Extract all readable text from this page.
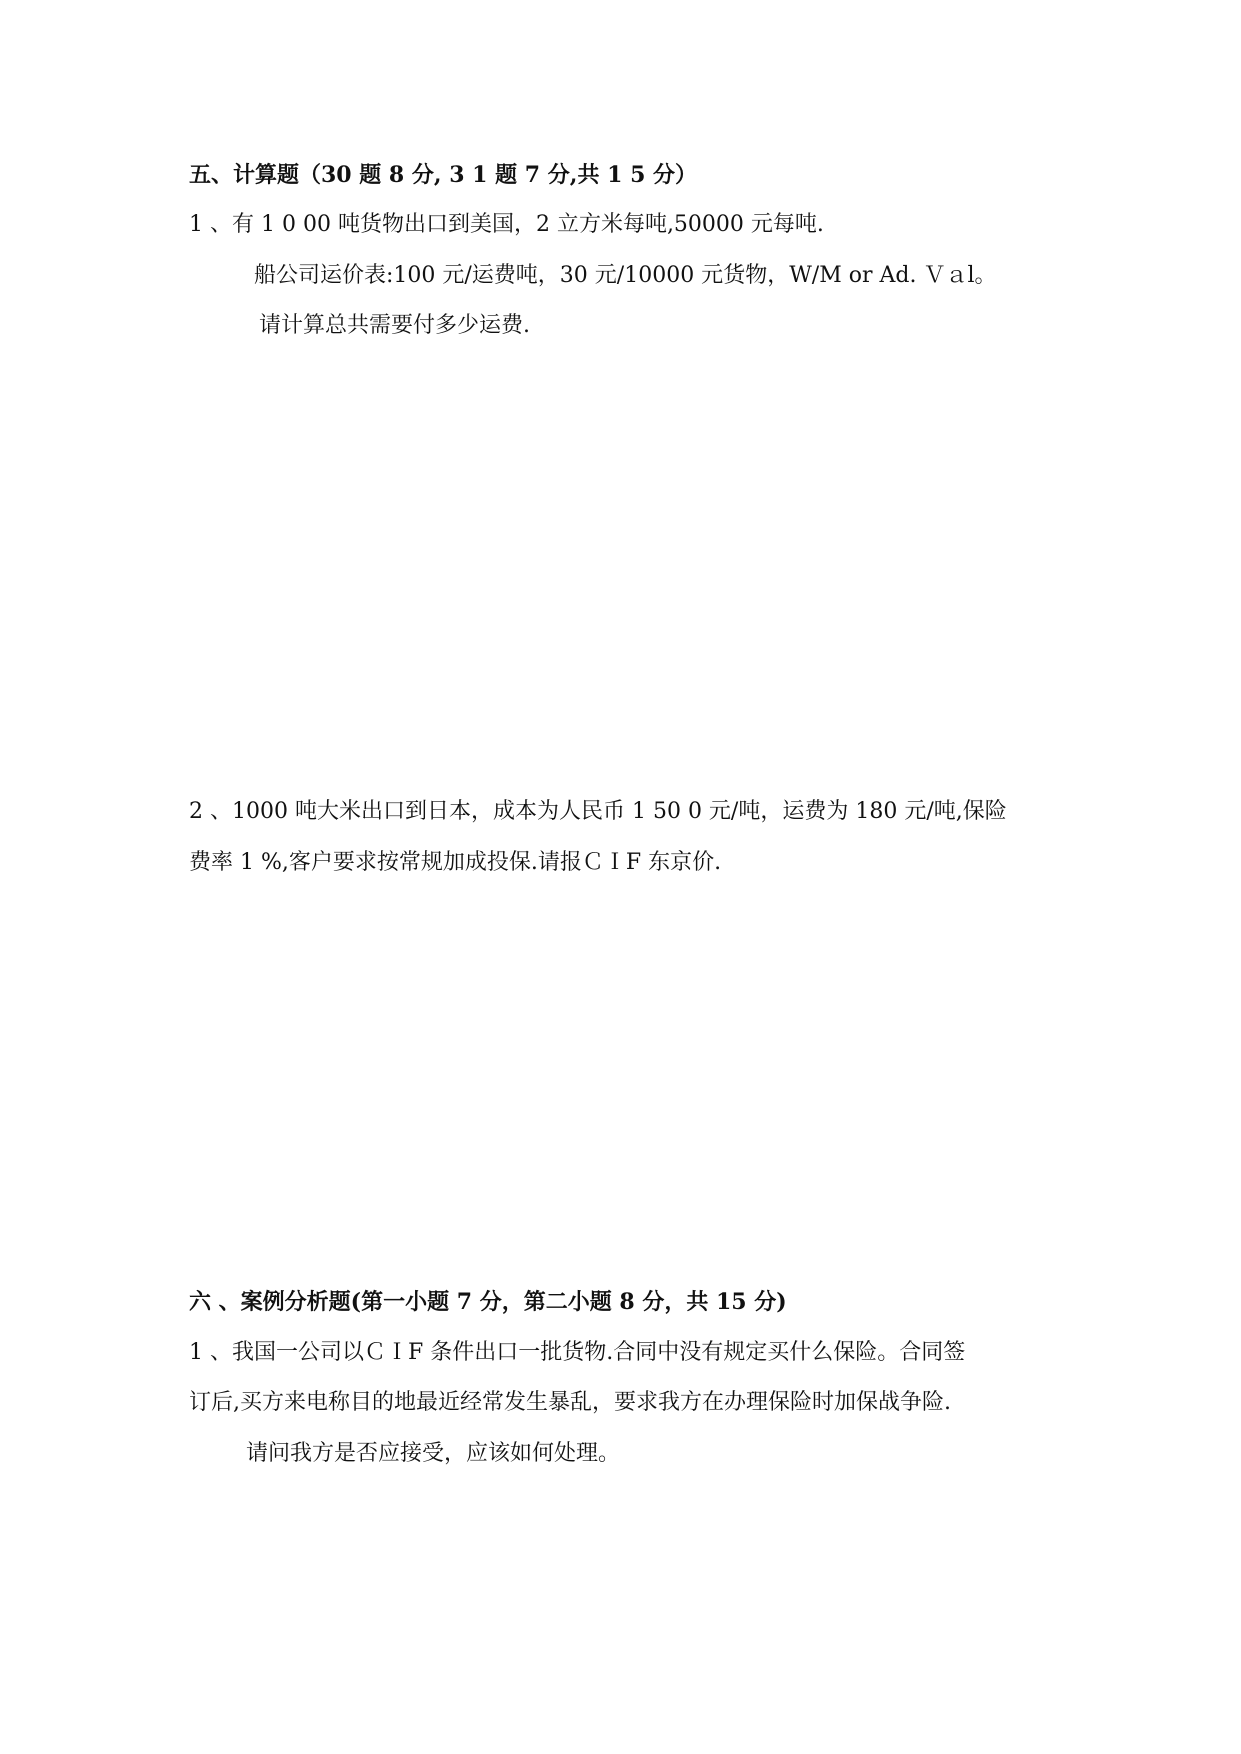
五、计算题（30 题 8 分, 3 1 题 7 分,共 1 5 分）

1 、有 1 0 00 吨货物出口到美国，2 立方米每吨,50000 元每吨.

船公司运价表:100 元/运费吨，30 元/10000 元货物，W/M or Ad. Ｖａl。

请计算总共需要付多少运费.

2 、1000 吨大米出口到日本，成本为人民币 1 50 0 元/吨，运费为 180 元/吨,保险

费率 1 %,客户要求按常规加成投保.请报ＣＩF 东京价.

六 、案例分析题(第一小题 7 分，第二小题 8 分，共 15 分)

1 、我国一公司以ＣＩF 条件出口一批货物.合同中没有规定买什么保险。合同签

订后,买方来电称目的地最近经常发生暴乱，要求我方在办理保险时加保战争险.

请问我方是否应接受，应该如何处理。
